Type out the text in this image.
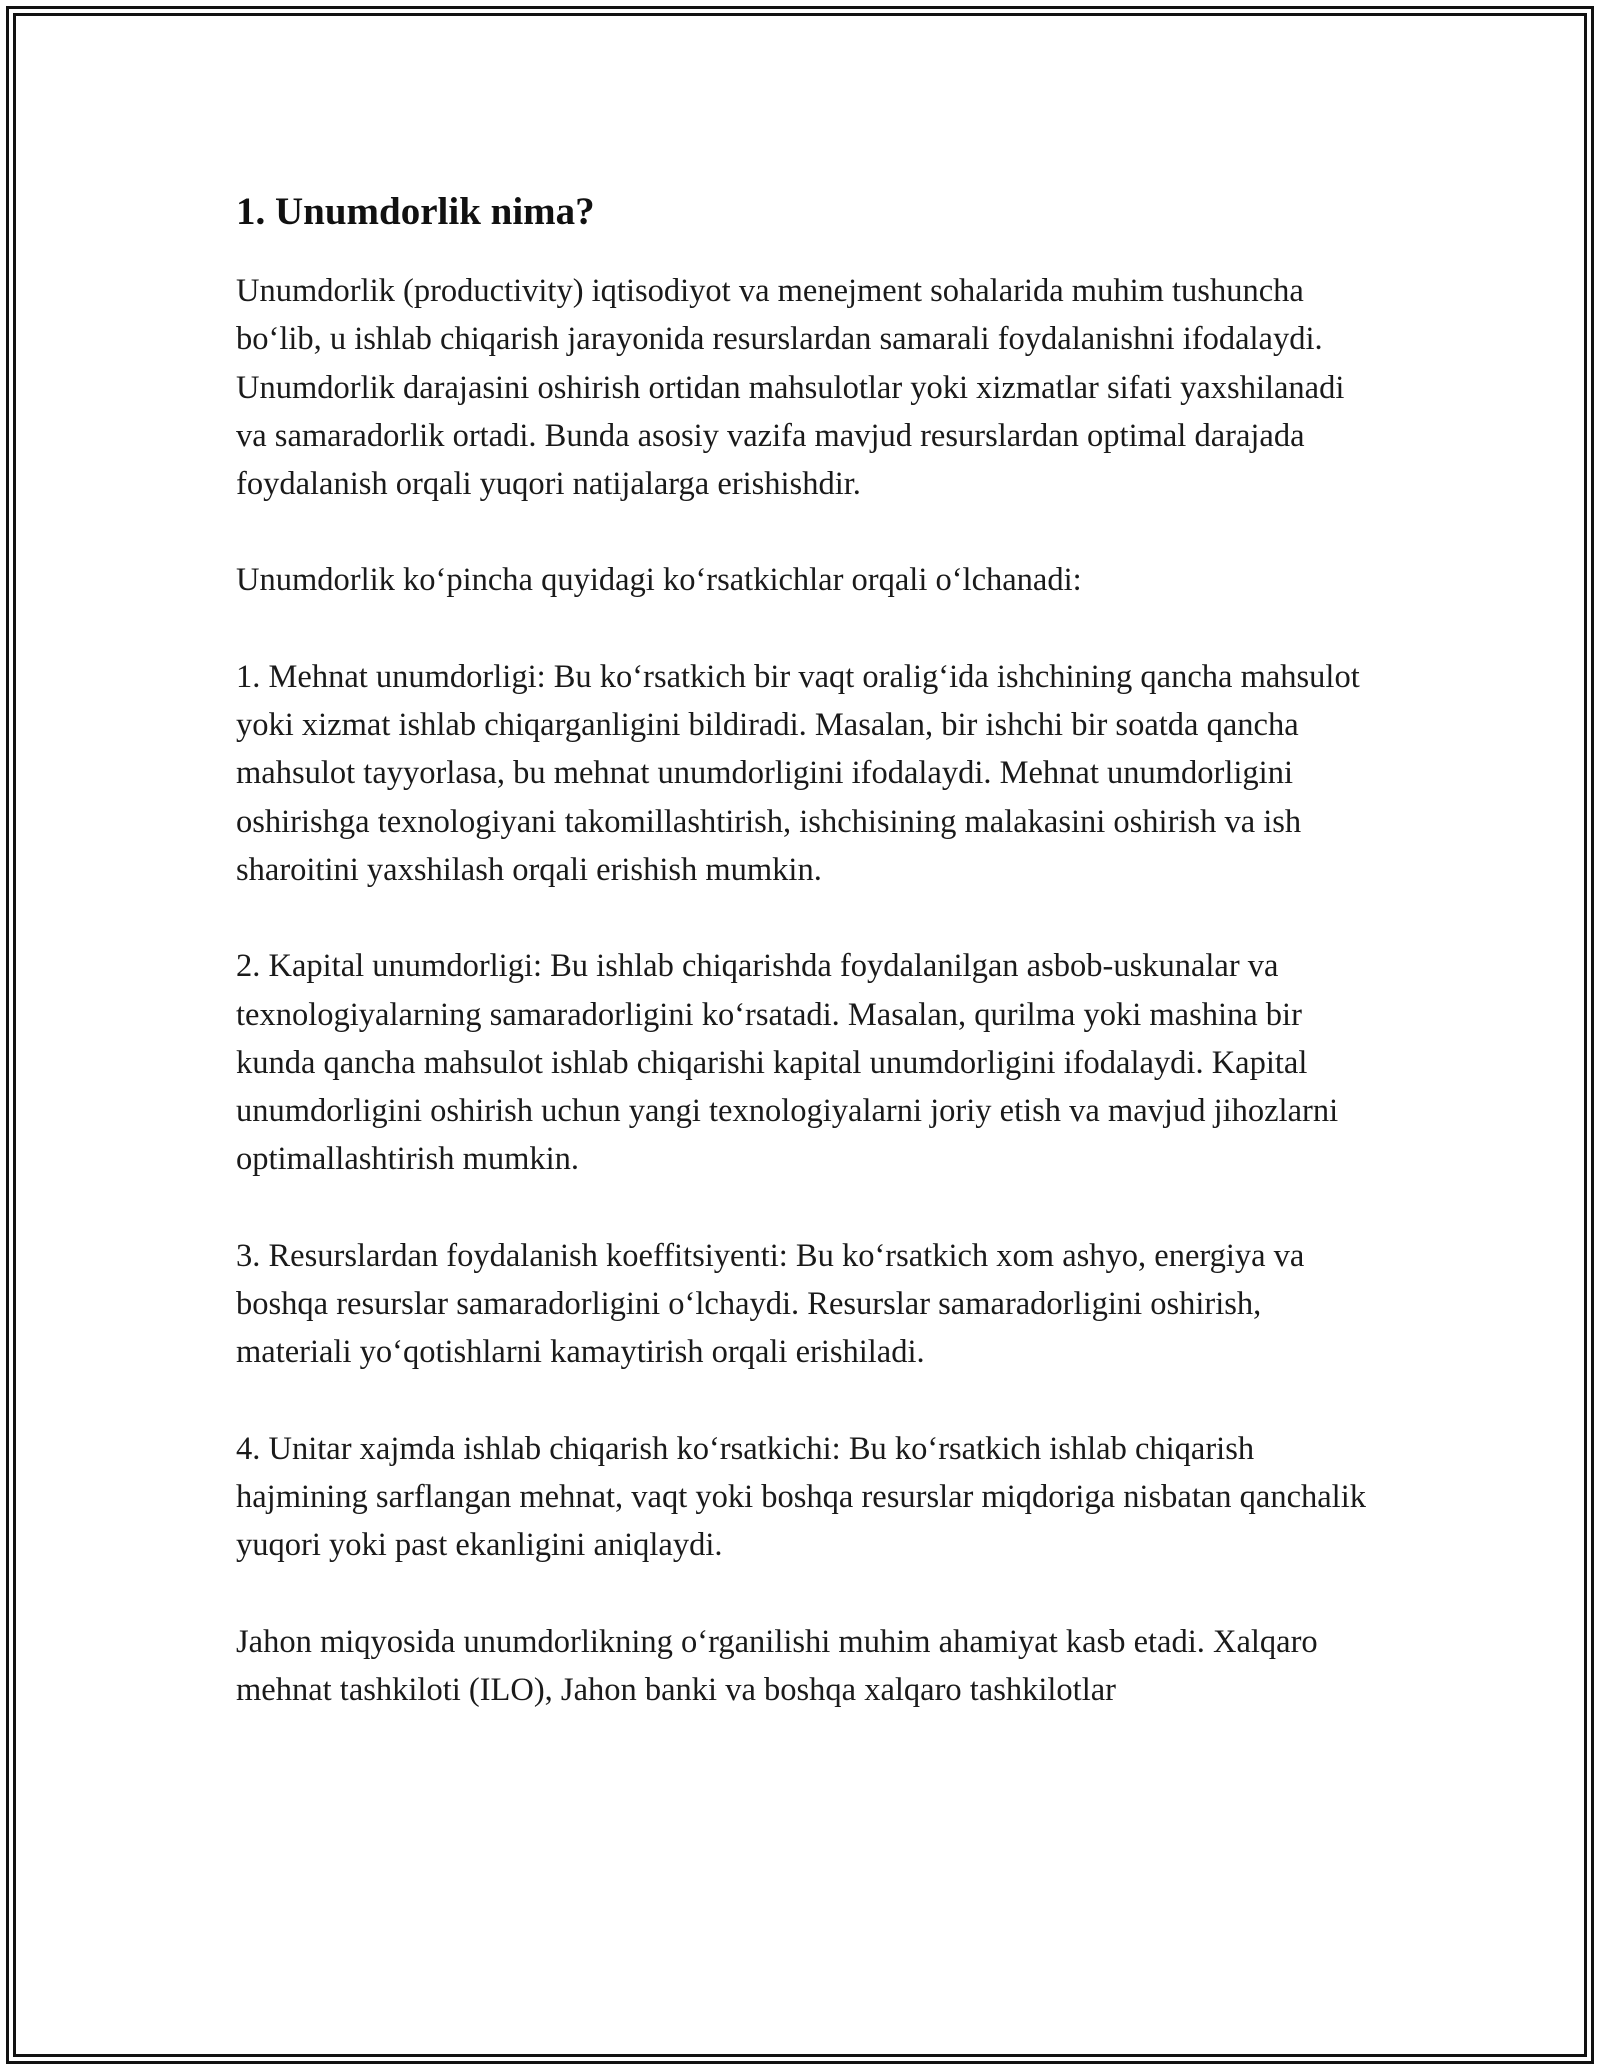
1. Unumdorlik nima?

Unumdorlik (productivity) iqtisodiyot va menejment sohalarida muhim tushuncha bo‘lib, u ishlab chiqarish jarayonida resurslardan samarali foydalanishni ifodalaydi. Unumdorlik darajasini oshirish ortidan mahsulotlar yoki xizmatlar sifati yaxshilanadi va samaradorlik ortadi. Bunda asosiy vazifa mavjud resurslardan optimal darajada foydalanish orqali yuqori natijalarga erishishdir.

Unumdorlik ko‘pincha quyidagi ko‘rsatkichlar orqali o‘lchanadi:

1. Mehnat unumdorligi: Bu ko‘rsatkich bir vaqt oralig‘ida ishchining qancha mahsulot yoki xizmat ishlab chiqarganligini bildiradi. Masalan, bir ishchi bir soatda qancha mahsulot tayyorlasa, bu mehnat unumdorligini ifodalaydi. Mehnat unumdorligini oshirishga texnologiyani takomillashtirish, ishchisining malakasini oshirish va ish sharoitini yaxshilash orqali erishish mumkin.

2. Kapital unumdorligi: Bu ishlab chiqarishda foydalanilgan asbob-uskunalar va texnologiyalarning samaradorligini ko‘rsatadi. Masalan, qurilma yoki mashina bir kunda qancha mahsulot ishlab chiqarishi kapital unumdorligini ifodalaydi. Kapital unumdorligini oshirish uchun yangi texnologiyalarni joriy etish va mavjud jihozlarni optimallashtirish mumkin.

3. Resurslardan foydalanish koeffitsiyenti: Bu ko‘rsatkich xom ashyo, energiya va boshqa resurslar samaradorligini o‘lchaydi. Resurslar samaradorligini oshirish, materiali yo‘qotishlarni kamaytirish orqali erishiladi.

4. Unitar xajmda ishlab chiqarish ko‘rsatkichi: Bu ko‘rsatkich ishlab chiqarish hajmining sarflangan mehnat, vaqt yoki boshqa resurslar miqdoriga nisbatan qanchalik yuqori yoki past ekanligini aniqlaydi.

Jahon miqyosida unumdorlikning o‘rganilishi muhim ahamiyat kasb etadi. Xalqaro mehnat tashkiloti (ILO), Jahon banki va boshqa xalqaro tashkilotlar
